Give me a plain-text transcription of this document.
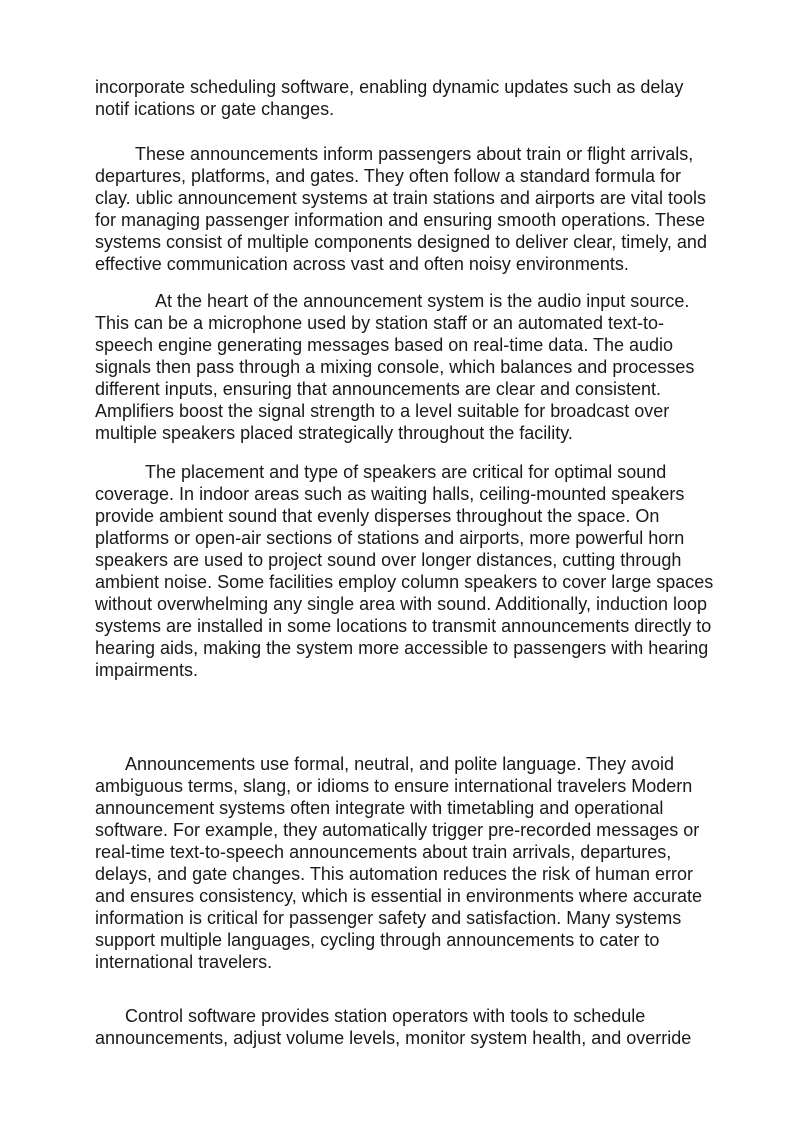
incorporate scheduling software, enabling dynamic updates such as delay
notif ications or gate changes.

These announcements inform passengers about train or flight arrivals,
departures, platforms, and gates. They often follow a standard formula for
clay. ublic announcement systems at train stations and airports are vital tools
for managing passenger information and ensuring smooth operations. These
systems consist of multiple components designed to deliver clear, timely, and
effective communication across vast and often noisy environments.

At the heart of the announcement system is the audio input source.
This can be a microphone used by station staff or an automated text-to-
speech engine generating messages based on real-time data. The audio
signals then pass through a mixing console, which balances and processes
different inputs, ensuring that announcements are clear and consistent.
Amplifiers boost the signal strength to a level suitable for broadcast over
multiple speakers placed strategically throughout the facility.

The placement and type of speakers are critical for optimal sound
coverage. In indoor areas such as waiting halls, ceiling-mounted speakers
provide ambient sound that evenly disperses throughout the space. On
platforms or open-air sections of stations and airports, more powerful horn
speakers are used to project sound over longer distances, cutting through
ambient noise. Some facilities employ column speakers to cover large spaces
without overwhelming any single area with sound. Additionally, induction loop
systems are installed in some locations to transmit announcements directly to
hearing aids, making the system more accessible to passengers with hearing
impairments.

Announcements use formal, neutral, and polite language. They avoid
ambiguous terms, slang, or idioms to ensure international travelers Modern
announcement systems often integrate with timetabling and operational
software. For example, they automatically trigger pre-recorded messages or
real-time text-to-speech announcements about train arrivals, departures,
delays, and gate changes. This automation reduces the risk of human error
and ensures consistency, which is essential in environments where accurate
information is critical for passenger safety and satisfaction. Many systems
support multiple languages, cycling through announcements to cater to
international travelers.

Control software provides station operators with tools to schedule
announcements, adjust volume levels, monitor system health, and override
